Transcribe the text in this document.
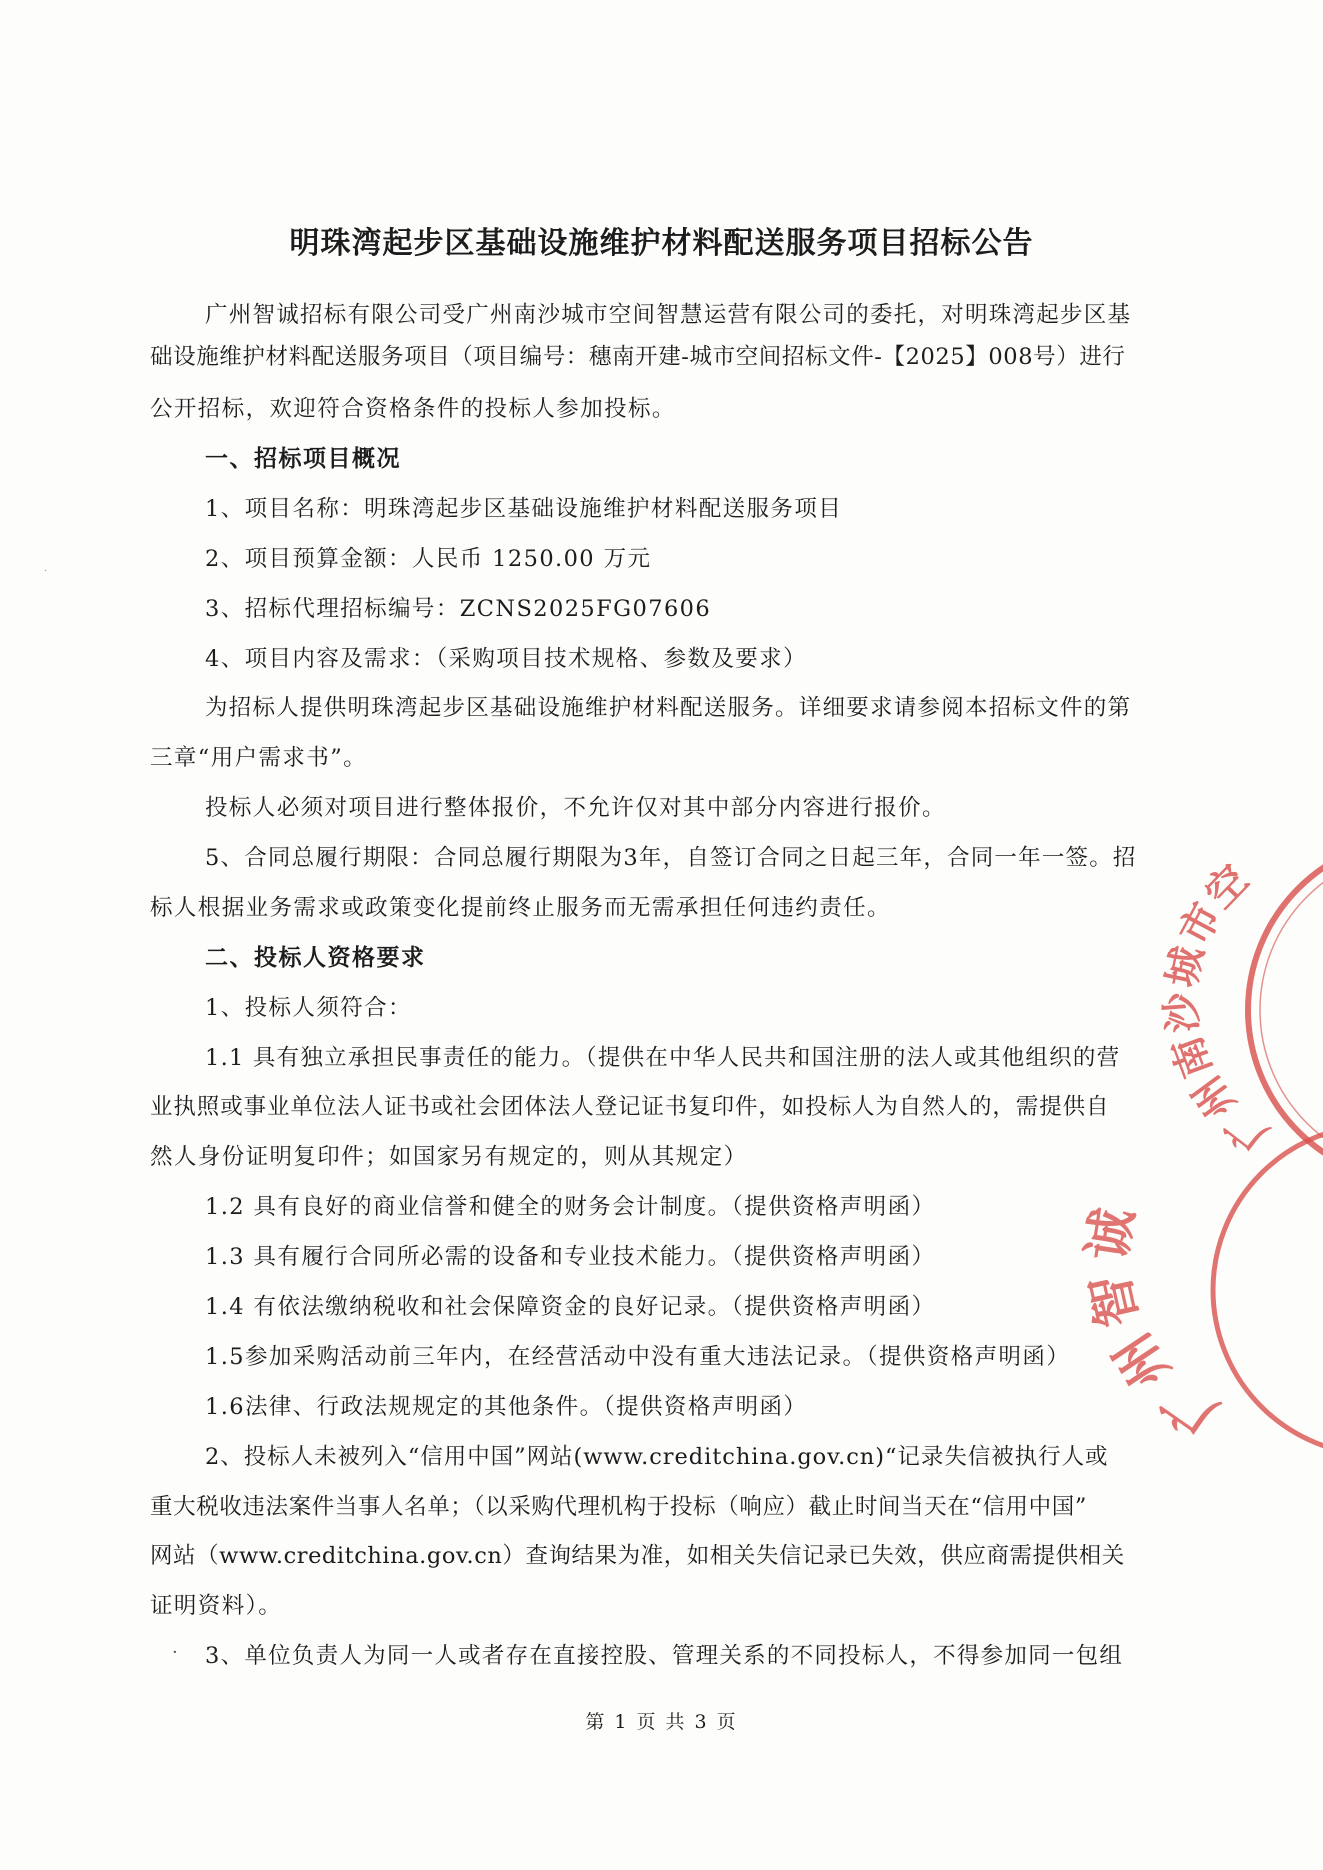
明珠湾起步区基础设施维护材料配送服务项目招标公告
广州智诚招标有限公司受广州南沙城市空间智慧运营有限公司的委托，对明珠湾起步区基
础设施维护材料配送服务项目（项目编号：穗南开建-城市空间招标文件-【2025】008号）进行
公开招标，欢迎符合资格条件的投标人参加投标。
一、招标项目概况
1、项目名称：明珠湾起步区基础设施维护材料配送服务项目
2、项目预算金额：人民币 1250.00 万元
3、招标代理招标编号：ZCNS2025FG07606
4、项目内容及需求：（采购项目技术规格、参数及要求）
为招标人提供明珠湾起步区基础设施维护材料配送服务。详细要求请参阅本招标文件的第
三章“用户需求书”。
投标人必须对项目进行整体报价，不允许仅对其中部分内容进行报价。
5、合同总履行期限：合同总履行期限为3年，自签订合同之日起三年，合同一年一签。招
标人根据业务需求或政策变化提前终止服务而无需承担任何违约责任。
二、投标人资格要求
1、投标人须符合：
1.1 具有独立承担民事责任的能力。（提供在中华人民共和国注册的法人或其他组织的营
业执照或事业单位法人证书或社会团体法人登记证书复印件，如投标人为自然人的，需提供自
然人身份证明复印件；如国家另有规定的，则从其规定）
1.2 具有良好的商业信誉和健全的财务会计制度。（提供资格声明函）
1.3 具有履行合同所必需的设备和专业技术能力。（提供资格声明函）
1.4 有依法缴纳税收和社会保障资金的良好记录。（提供资格声明函）
1.5参加采购活动前三年内，在经营活动中没有重大违法记录。（提供资格声明函）
1.6法律、行政法规规定的其他条件。（提供资格声明函）
2、投标人未被列入“信用中国”网站(www.creditchina.gov.cn)“记录失信被执行人或
重大税收违法案件当事人名单；（以采购代理机构于投标（响应）截止时间当天在“信用中国”
网站（www.creditchina.gov.cn）查询结果为准，如相关失信记录已失效，供应商需提供相关
证明资料）。
3、单位负责人为同一人或者存在直接控股、管理关系的不同投标人，不得参加同一包组
·
·
第 1 页 共 3 页
广州南沙城市空
广州智诚
